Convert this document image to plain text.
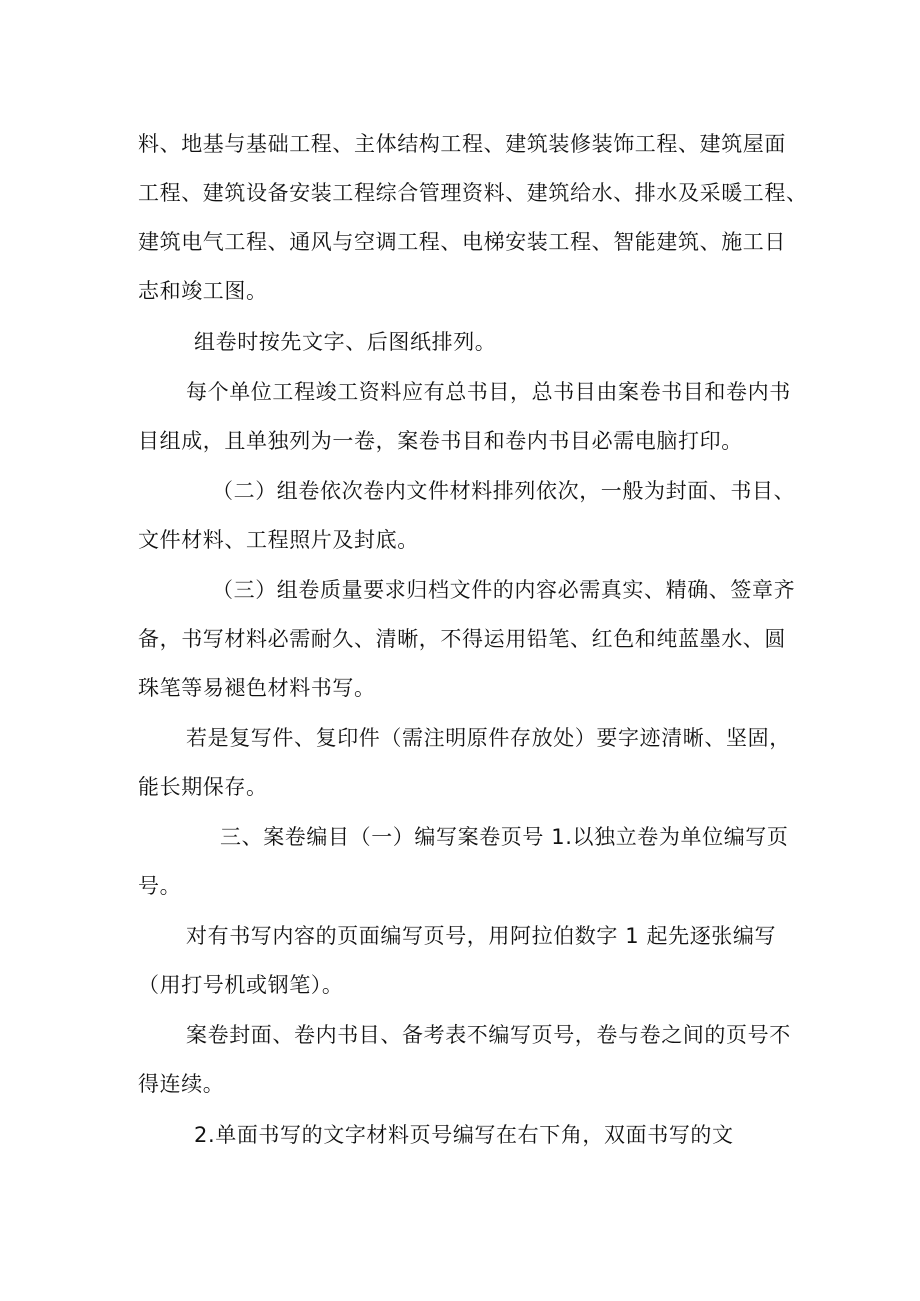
料、地基与基础工程、主体结构工程、建筑装修装饰工程、建筑屋面
工程、建筑设备安装工程综合管理资料、建筑给水、排水及采暖工程、
建筑电气工程、通风与空调工程、电梯安装工程、智能建筑、施工日
志和竣工图。
组卷时按先文字、后图纸排列。
每个单位工程竣工资料应有总书目，总书目由案卷书目和卷内书
目组成，且单独列为一卷，案卷书目和卷内书目必需电脑打印。
（二）组卷依次卷内文件材料排列依次，一般为封面、书目、
文件材料、工程照片及封底。
（三）组卷质量要求归档文件的内容必需真实、精确、签章齐
备，书写材料必需耐久、清晰，不得运用铅笔、红色和纯蓝墨水、圆
珠笔等易褪色材料书写。
若是复写件、复印件（需注明原件存放处）要字迹清晰、坚固，
能长期保存。
三、案卷编目（一）编写案卷页号 1.以独立卷为单位编写页
号。
对有书写内容的页面编写页号，用阿拉伯数字 1 起先逐张编写
（用打号机或钢笔）。
案卷封面、卷内书目、备考表不编写页号，卷与卷之间的页号不
得连续。
2.单面书写的文字材料页号编写在右下角，双面书写的文
